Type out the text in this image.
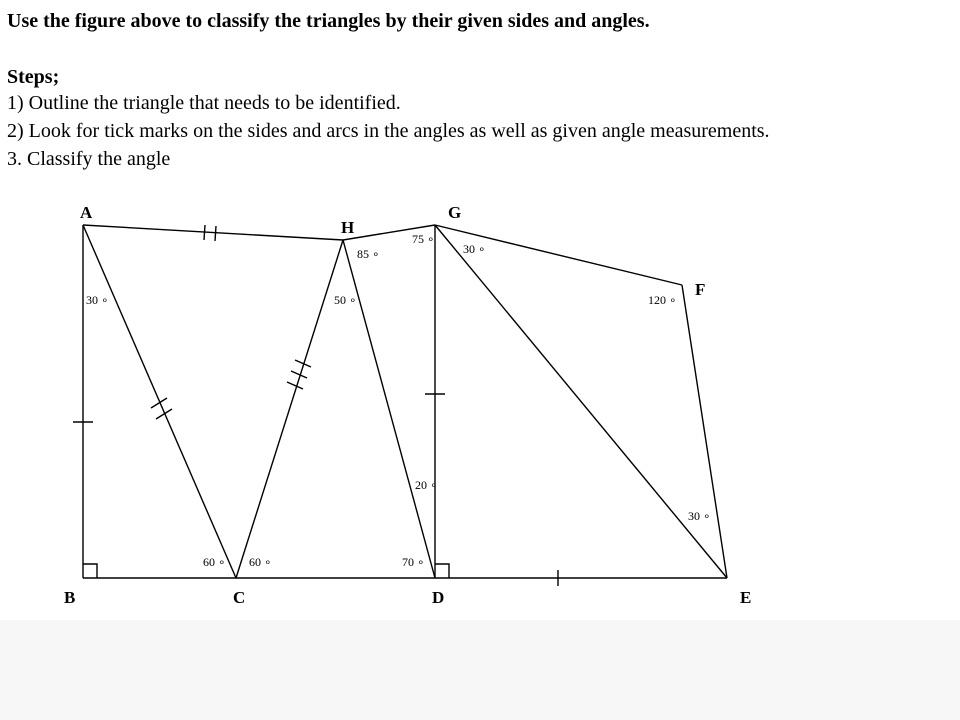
Use the figure above to classify the triangles by their given sides and angles.
Steps;
1) Outline the triangle that needs to be identified.
2) Look for tick marks on the sides and arcs in the angles as well as given angle measurements.
3. Classify the angle
A
B	C	D	E
F
G
H
30 ∘
60 ∘ 60 ∘
50 ∘
85 ∘
20 ∘
70 ∘
75 ∘
30 ∘
120 ∘
30 ∘
